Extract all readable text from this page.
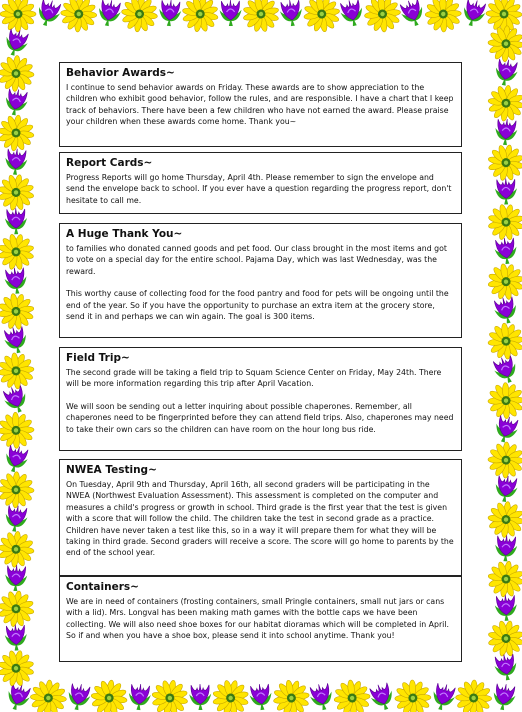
Behavior Awards~

I continue to send behavior awards on Friday. These awards are to show appreciation to the children who exhibit good behavior, follow the rules, and are responsible. I have a chart that I keep track of behaviors. There have been a few children who have not earned the award. Please praise your children when these awards come home. Thank you~

Report Cards~

Progress Reports will go home Thursday, April 4th. Please remember to sign the envelope and send the envelope back to school. If you ever have a question regarding the progress report, don't hesitate to call me.

A Huge Thank You~

to families who donated canned goods and pet food. Our class brought in the most items and got to vote on a special day for the entire school. Pajama Day, which was last Wednesday, was the reward.

This worthy cause of collecting food for the food pantry and food for pets will be ongoing until the end of the year. So if you have the opportunity to purchase an extra item at the grocery store, send it in and perhaps we can win again. The goal is 300 items.

Field Trip~

The second grade will be taking a field trip to Squam Science Center on Friday, May 24th. There will be more information regarding this trip after April Vacation.

We will soon be sending out a letter inquiring about possible chaperones. Remember, all chaperones need to be fingerprinted before they can attend field trips. Also, chaperones may need to take their own cars so the children can have room on the hour long bus ride.

NWEA Testing~

On Tuesday, April 9th and Thursday, April 16th, all second graders will be participating in the NWEA (Northwest Evaluation Assessment). This assessment is completed on the computer and measures a child's progress or growth in school. Third grade is the first year that the test is given with a score that will follow the child. The children take the test in second grade as a practice. Children have never taken a test like this, so in a way it will prepare them for what they will be taking in third grade. Second graders will receive a score. The score will go home to parents by the end of the school year.

Containers~

We are in need of containers (frosting containers, small Pringle containers, small nut jars or cans with a lid). Mrs. Longval has been making math games with the bottle caps we have been collecting. We will also need shoe boxes for our habitat dioramas which will be completed in April. So if and when you have a shoe box, please send it into school anytime. Thank you!
